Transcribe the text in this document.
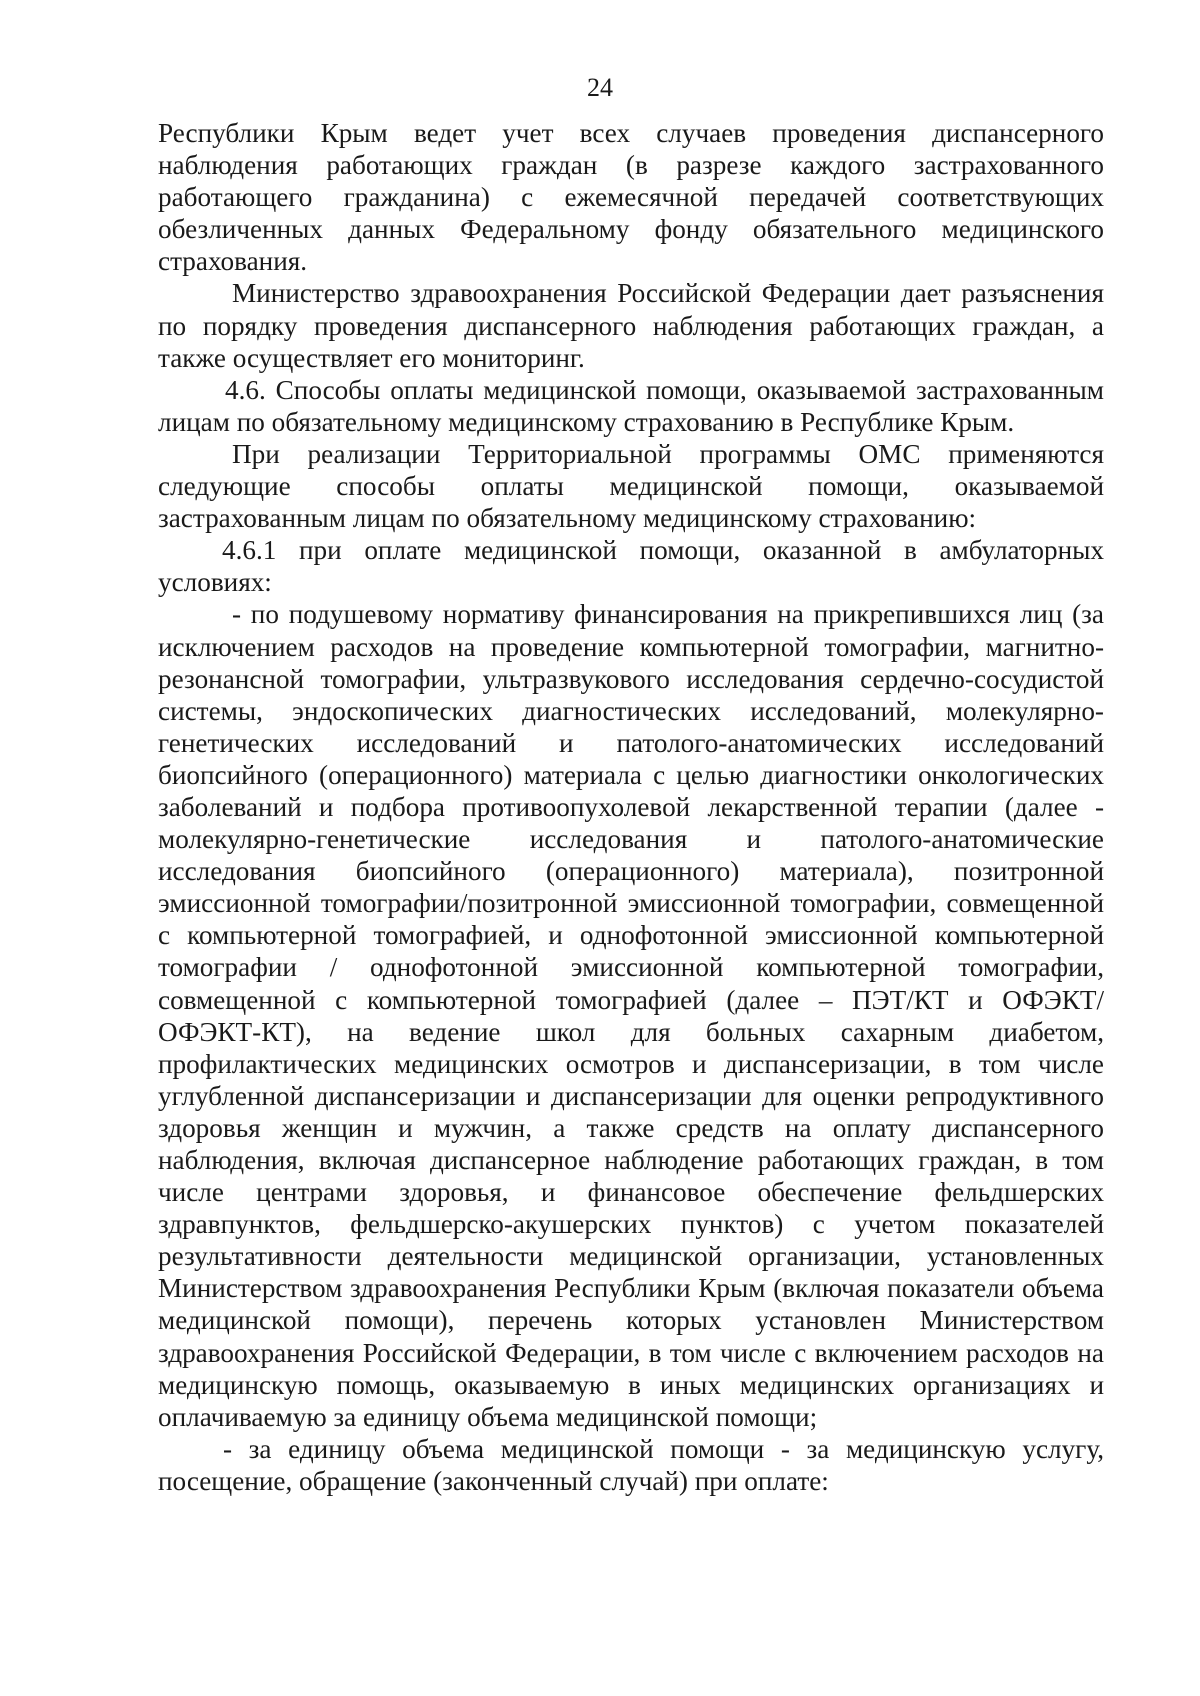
24

Республики Крым ведет учет всех случаев проведения диспансерного наблюдения работающих граждан (в разрезе каждого застрахованного работающего гражданина) с ежемесячной передачей соответствующих обезличенных данных Федеральному фонду обязательного медицинского страхования.

Министерство здравоохранения Российской Федерации дает разъяснения по порядку проведения диспансерного наблюдения работающих граждан, а также осуществляет его мониторинг.

4.6. Способы оплаты медицинской помощи, оказываемой застрахованным лицам по обязательному медицинскому страхованию в Республике Крым.

При реализации Территориальной программы ОМС применяются следующие способы оплаты медицинской помощи, оказываемой застрахованным лицам по обязательному медицинскому страхованию:

4.6.1 при оплате медицинской помощи, оказанной в амбулаторных условиях:

- по подушевому нормативу финансирования на прикрепившихся лиц (за исключением расходов на проведение компьютерной томографии, магнитно-резонансной томографии, ультразвукового исследования сердечно-сосудистой системы, эндоскопических диагностических исследований, молекулярно-генетических исследований и патолого-анатомических исследований биопсийного (операционного) материала с целью диагностики онкологических заболеваний и подбора противоопухолевой лекарственной терапии (далее - молекулярно-генетические исследования и патолого-анатомические исследования биопсийного (операционного) материала), позитронной эмиссионной томографии/позитронной эмиссионной томографии, совмещенной с компьютерной томографией, и однофотонной эмиссионной компьютерной томографии / однофотонной эмиссионной компьютерной томографии, совмещенной с компьютерной томографией (далее – ПЭТ/КТ и ОФЭКТ/ОФЭКТ-КТ), на ведение школ для больных сахарным диабетом, профилактических медицинских осмотров и диспансеризации, в том числе углубленной диспансеризации и диспансеризации для оценки репродуктивного здоровья женщин и мужчин, а также средств на оплату диспансерного наблюдения, включая диспансерное наблюдение работающих граждан, в том числе центрами здоровья, и финансовое обеспечение фельдшерских здравпунктов, фельдшерско-акушерских пунктов) с учетом показателей результативности деятельности медицинской организации, установленных Министерством здравоохранения Республики Крым (включая показатели объема медицинской помощи), перечень которых установлен Министерством здравоохранения Российской Федерации, в том числе с включением расходов на медицинскую помощь, оказываемую в иных медицинских организациях и оплачиваемую за единицу объема медицинской помощи;

- за единицу объема медицинской помощи - за медицинскую услугу, посещение, обращение (законченный случай) при оплате:
